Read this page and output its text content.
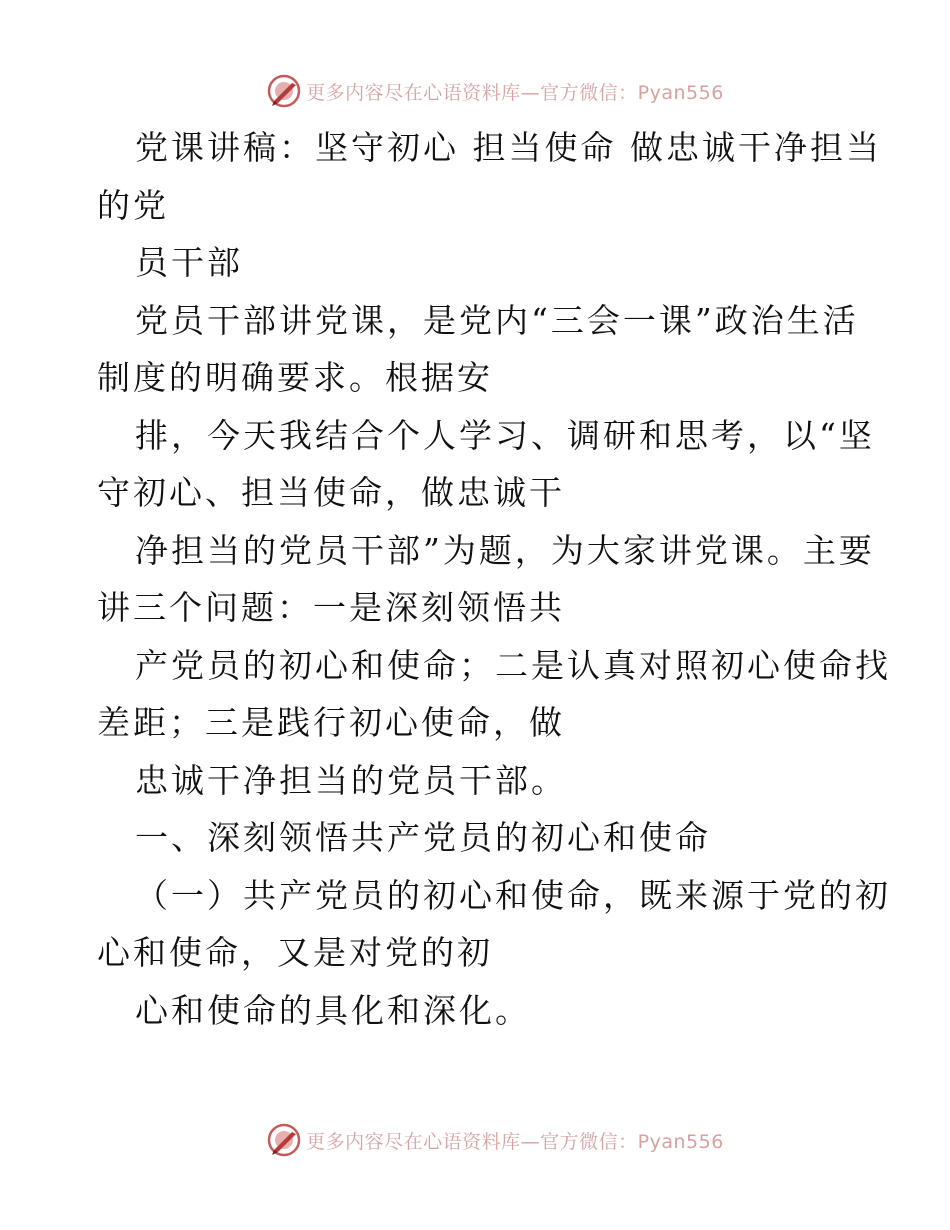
更多内容尽在心语资料库—官方微信：Pyan556
党课讲稿：坚守初心 担当使命 做忠诚干净担当
的党
员干部
党员干部讲党课，是党内“三会一课”政治生活
制度的明确要求。根据安
排，今天我结合个人学习、调研和思考，以“坚
守初心、担当使命，做忠诚干
净担当的党员干部”为题，为大家讲党课。主要
讲三个问题：一是深刻领悟共
产党员的初心和使命；二是认真对照初心使命找
差距；三是践行初心使命，做
忠诚干净担当的党员干部。
一、深刻领悟共产党员的初心和使命
（一）共产党员的初心和使命，既来源于党的初
心和使命，又是对党的初
心和使命的具化和深化。
更多内容尽在心语资料库—官方微信：Pyan556
